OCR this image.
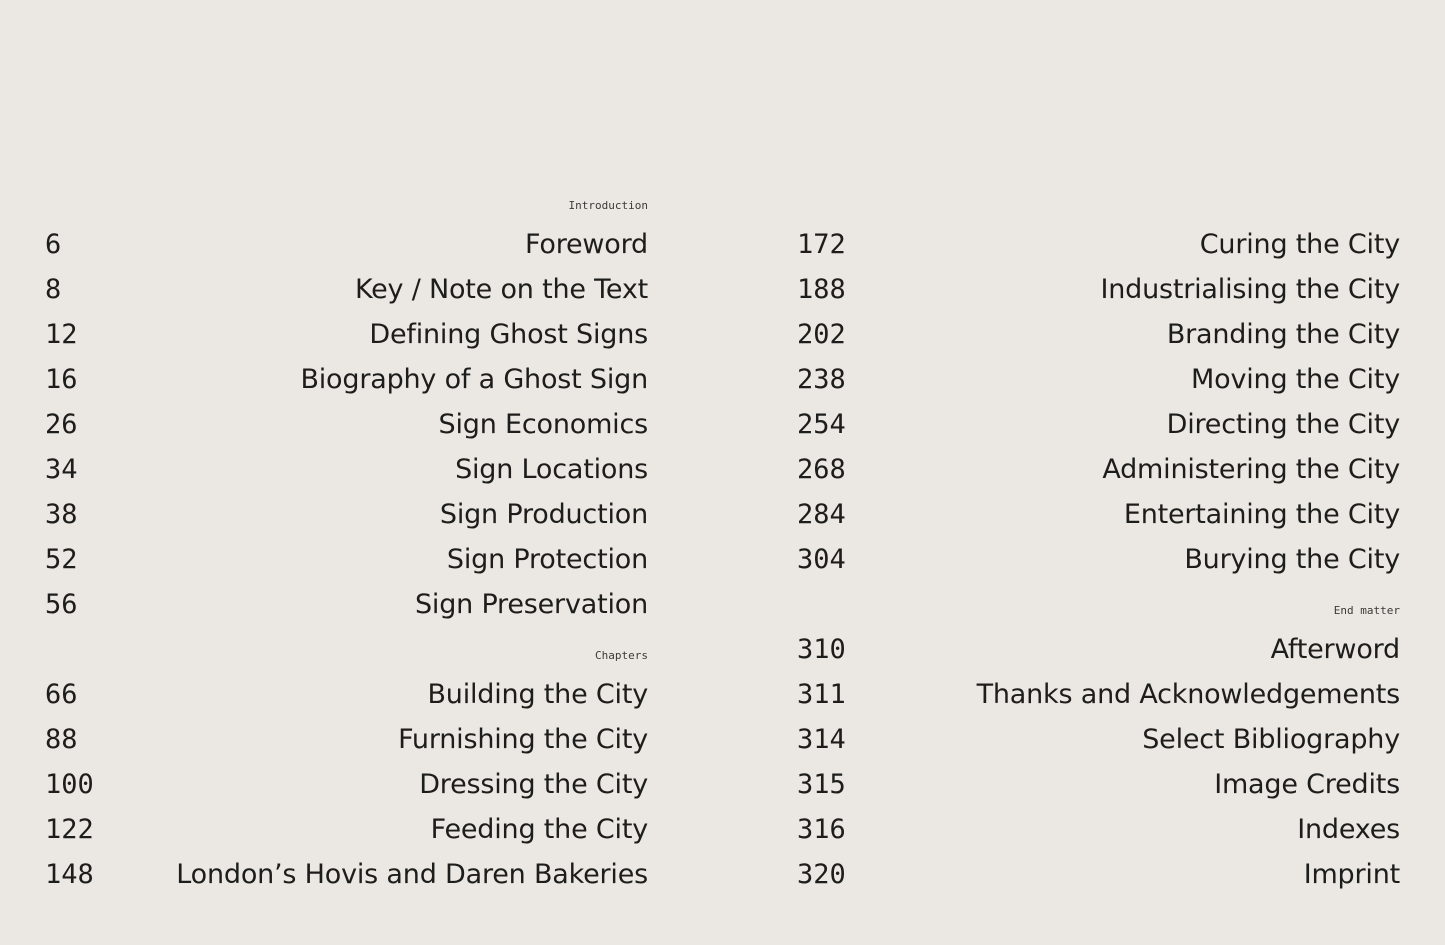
Introduction
6	Foreword
8	Key / Note on the Text
12	Defining Ghost Signs
16	Biography of a Ghost Sign
26	Sign Economics
34	Sign Locations
38	Sign Production
52	Sign Protection
56	Sign Preservation
Chapters
66	Building the City
88	Furnishing the City
100	Dressing the City
122	Feeding the City
148	London’s Hovis and Daren Bakeries
172	Curing the City
188	Industrialising the City
202	Branding the City
238	Moving the City
254	Directing the City
268	Administering the City
284	Entertaining the City
304	Burying the City
End matter
310	Afterword
311	Thanks and Acknowledgements
314	Select Bibliography
315	Image Credits
316	Indexes
320	Imprint
